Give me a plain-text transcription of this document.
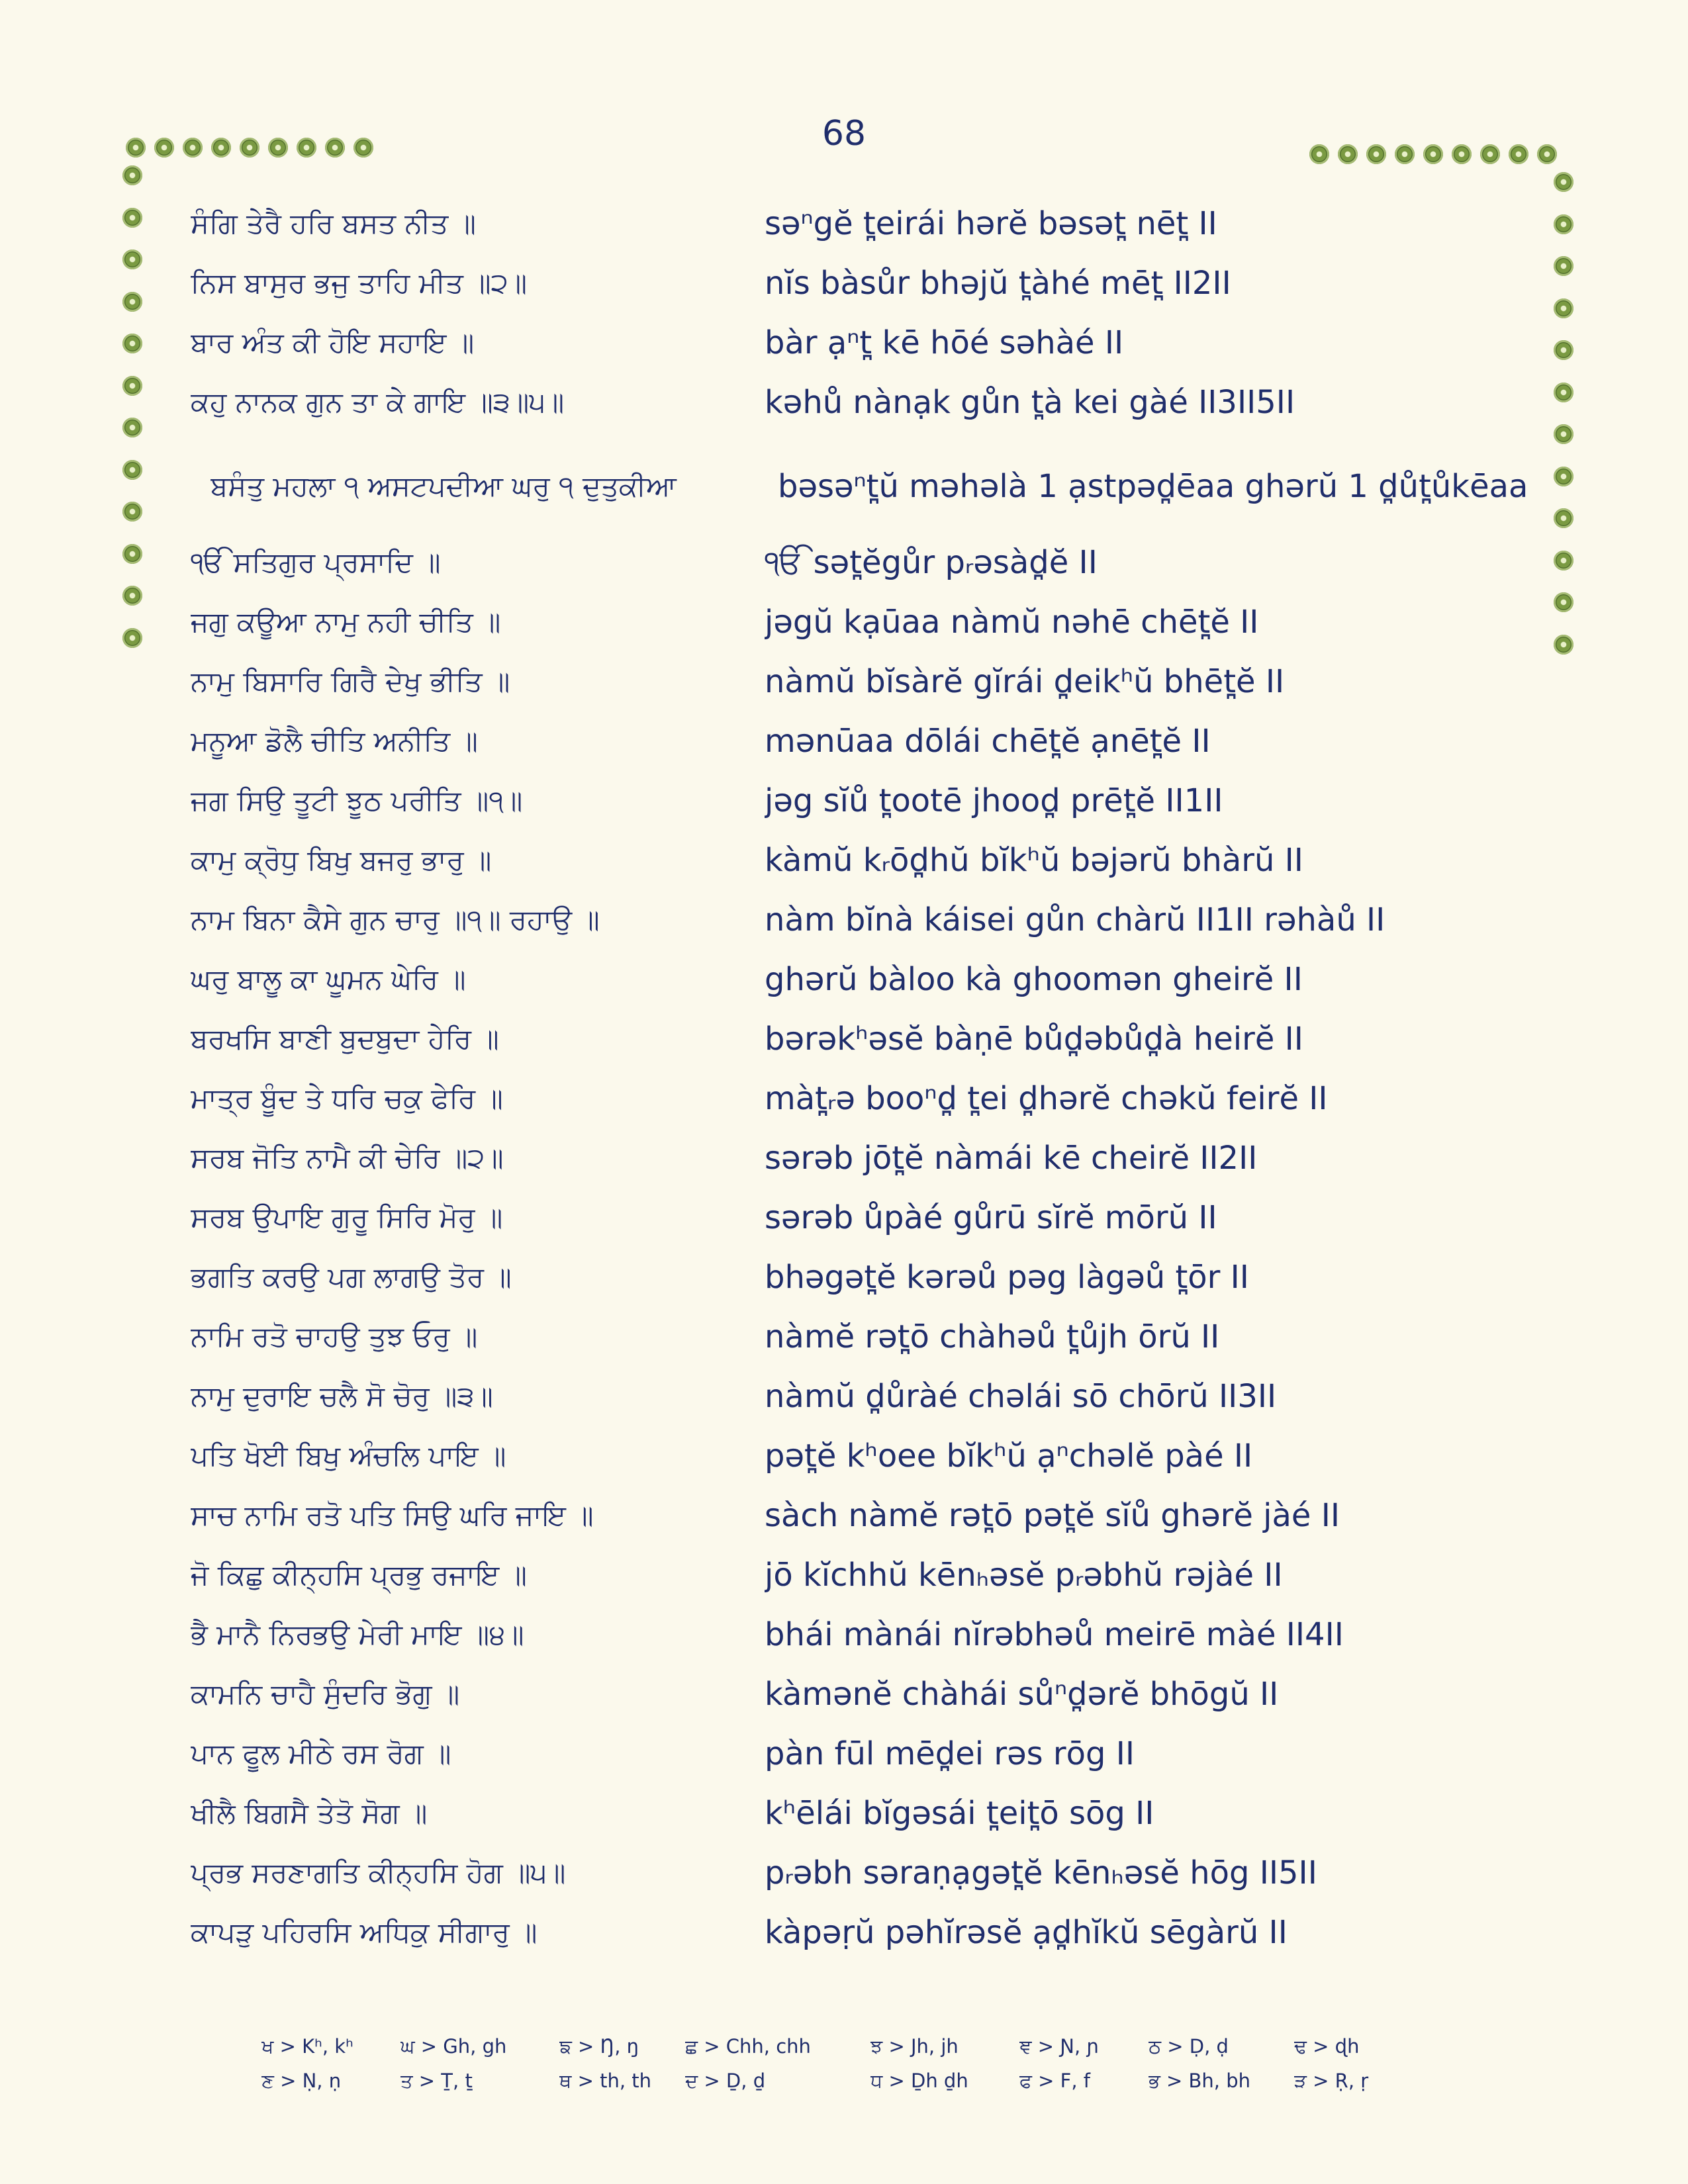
68
ਸੰਗਿ ਤੇਰੈ ਹਰਿ ਬਸਤ ਨੀਤ ॥	səⁿgĕ t̪eirái hərĕ bəsət̪ nēt̪ II
ਨਿਸ ਬਾਸੁਰ ਭਜੁ ਤਾਹਿ ਮੀਤ ॥੨॥	nĭs bàsůr bhəjŭ t̪àhé mēt̪ II2II
ਬਾਰ ਅੰਤ ਕੀ ਹੋਇ ਸਹਾਇ ॥	bàr ạⁿt̪ kē hōé səhàé II
ਕਹੁ ਨਾਨਕ ਗੁਨ ਤਾ ਕੇ ਗਾਇ ॥੩॥੫॥	kəhů nànạk gůn t̪à kei gàé II3II5II
ਬਸੰਤੁ ਮਹਲਾ ੧ ਅਸਟਪਦੀਆ ਘਰੁ ੧ ਦੁਤੁਕੀਆ	bəsəⁿt̪ŭ məhəlà 1 ạstpəd̪ēaa ghərŭ 1 d̪ůt̪ůkēaa
ੴ ਸਤਿਗੁਰ ਪ੍ਰਸਾਦਿ ॥	ੴ sət̪ĕgůr pᵣəsàd̪ĕ II
ਜਗੁ ਕਊਆ ਨਾਮੁ ਨਹੀ ਚੀਤਿ ॥	jəgŭ kạūaa nàmŭ nəhē chēt̪ĕ II
ਨਾਮੁ ਬਿਸਾਰਿ ਗਿਰੈ ਦੇਖੁ ਭੀਤਿ ॥	nàmŭ bĭsàrĕ gĭrái d̪eikʰŭ bhēt̪ĕ II
ਮਨੂਆ ਡੋਲੈ ਚੀਤਿ ਅਨੀਤਿ ॥	mənūaa dōlái chēt̪ĕ ạnēt̪ĕ II
ਜਗ ਸਿਉ ਤੂਟੀ ਝੂਠ ਪਰੀਤਿ ॥੧॥	jəg sĭů t̪ootē jhood̪ prēt̪ĕ II1II
ਕਾਮੁ ਕ੍ਰੋਧੁ ਬਿਖੁ ਬਜਰੁ ਭਾਰੁ ॥	kàmŭ kᵣōd̪hŭ bĭkʰŭ bəjərŭ bhàrŭ II
ਨਾਮ ਬਿਨਾ ਕੈਸੇ ਗੁਨ ਚਾਰੁ ॥੧॥ ਰਹਾਉ ॥	nàm bĭnà káisei gůn chàrŭ II1II rəhàů II
ਘਰੁ ਬਾਲੂ ਕਾ ਘੂਮਨ ਘੇਰਿ ॥	ghərŭ bàloo kà ghoomən gheirĕ II
ਬਰਖਸਿ ਬਾਣੀ ਬੁਦਬੁਦਾ ਹੇਰਿ ॥	bərəkʰəsĕ bàṇē bůd̪əbůd̪à heirĕ II
ਮਾਤ੍ਰ ਬੂੰਦ ਤੇ ਧਰਿ ਚਕੁ ਫੇਰਿ ॥	màt̪ᵣə booⁿd̪ t̪ei d̪hərĕ chəkŭ feirĕ II
ਸਰਬ ਜੋਤਿ ਨਾਮੈ ਕੀ ਚੇਰਿ ॥੨॥	sərəb jōt̪ĕ nàmái kē cheirĕ II2II
ਸਰਬ ਉਪਾਇ ਗੁਰੂ ਸਿਰਿ ਮੋਰੁ ॥	sərəb ůpàé gůrū sĭrĕ mōrŭ II
ਭਗਤਿ ਕਰਉ ਪਗ ਲਾਗਉ ਤੋਰ ॥	bhəgət̪ĕ kərəů pəg làgəů t̪ōr II
ਨਾਮਿ ਰਤੋ ਚਾਹਉ ਤੁਝ ਓਰੁ ॥	nàmĕ rət̪ō chàhəů t̪ůjh ōrŭ II
ਨਾਮੁ ਦੁਰਾਇ ਚਲੈ ਸੋ ਚੋਰੁ ॥੩॥	nàmŭ d̪ůràé chəlái sō chōrŭ II3II
ਪਤਿ ਖੋਈ ਬਿਖੁ ਅੰਚਲਿ ਪਾਇ ॥	pət̪ĕ kʰoee bĭkʰŭ ạⁿchəlĕ pàé II
ਸਾਚ ਨਾਮਿ ਰਤੋ ਪਤਿ ਸਿਉ ਘਰਿ ਜਾਇ ॥	sàch nàmĕ rət̪ō pət̪ĕ sĭů ghərĕ jàé II
ਜੋ ਕਿਛੁ ਕੀਨ੍ਹਸਿ ਪ੍ਰਭੁ ਰਜਾਇ ॥	jō kĭchhŭ kēnₕəsĕ pᵣəbhŭ rəjàé II
ਭੈ ਮਾਨੈ ਨਿਰਭਉ ਮੇਰੀ ਮਾਇ ॥੪॥	bhái mànái nĭrəbhəů meirē màé II4II
ਕਾਮਨਿ ਚਾਹੈ ਸੁੰਦਰਿ ਭੋਗੁ ॥	kàmənĕ chàhái sůⁿd̪ərĕ bhōgŭ II
ਪਾਨ ਫੂਲ ਮੀਠੇ ਰਸ ਰੋਗ ॥	pàn fūl mēd̪ei rəs rōg II
ਖੀਲੈ ਬਿਗਸੈ ਤੇਤੋ ਸੋਗ ॥	kʰēlái bĭgəsái t̪eit̪ō sōg II
ਪ੍ਰਭ ਸਰਣਾਗਤਿ ਕੀਨ੍ਹਸਿ ਹੋਗ ॥੫॥	pᵣəbh səraṇạgət̪ĕ kēnₕəsĕ hōg II5II
ਕਾਪੜੁ ਪਹਿਰਸਿ ਅਧਿਕੁ ਸੀਗਾਰੁ ॥	kàpəṛŭ pəhĭrəsĕ ạd̪hĭkŭ sēgàrŭ II
ਖ > Kʰ, kʰ	ਘ > Gh, gh	ਙ > Ŋ, ŋ	ਛ > Chh, chh	ਝ > Jh, jh	ਞ > Ɲ, ɲ	ਠ > Ḍ, ḍ	ਢ > ɖh
ਣ > Ṇ, ṇ	ਤ > Ṯ, ṯ	ਥ > th, th	ਦ > Ḏ, ḏ	ਧ > Ḏh ḏh	ਫ > F, f	ਭ > Bh, bh	ੜ > Ṛ, ṛ
